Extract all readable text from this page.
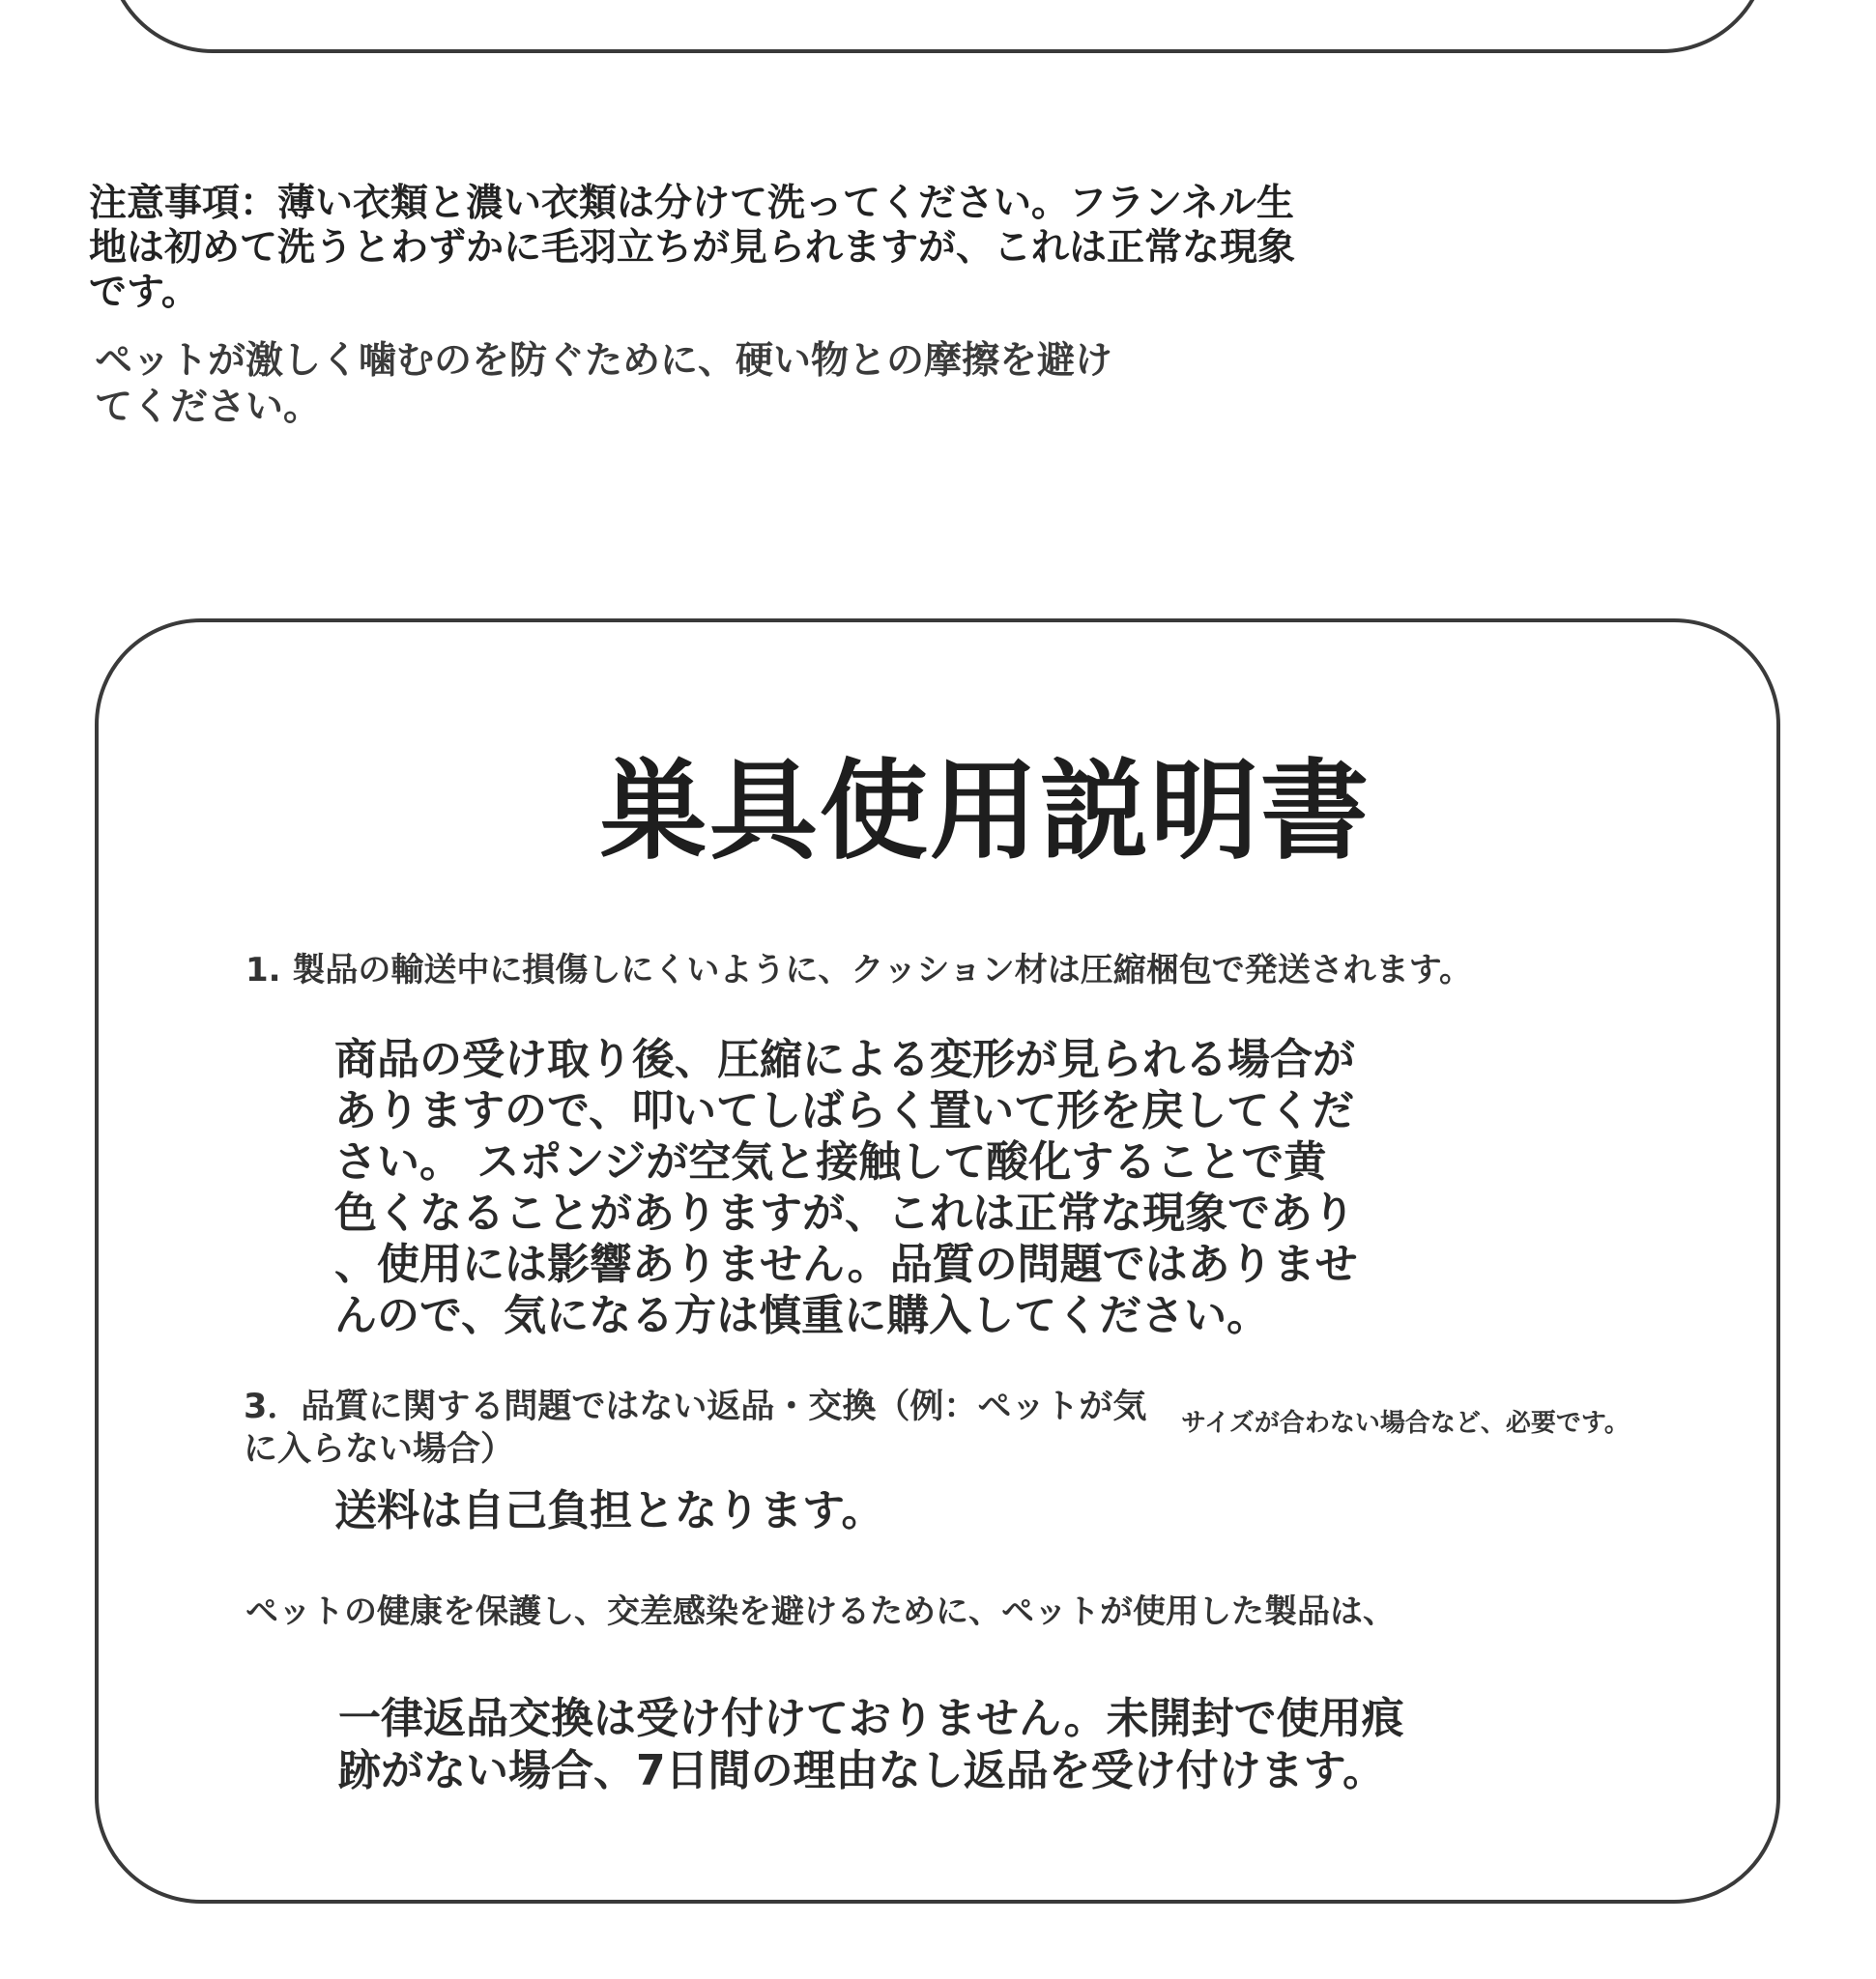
注意事項：薄い衣類と濃い衣類は分けて洗ってください。フランネル生
地は初めて洗うとわずかに毛羽立ちが見られますが、これは正常な現象
です。

ペットが激しく噛むのを防ぐために、硬い物との摩擦を避け
てください。

巣具使用説明書

1. 製品の輸送中に損傷しにくいように、クッション材は圧縮梱包で発送されます。

商品の受け取り後、圧縮による変形が見られる場合が
ありますので、叩いてしばらく置いて形を戻してくだ
さい。 スポンジが空気と接触して酸化することで黄
色くなることがありますが、これは正常な現象であり
、使用には影響ありません。品質の問題ではありませ
んので、気になる方は慎重に購入してください。

3．品質に関する問題ではない返品・交換（例：ペットが気
に入らない場合）

サイズが合わない場合など、必要です。

送料は自己負担となります。

ペットの健康を保護し、交差感染を避けるために、ペットが使用した製品は、

一律返品交換は受け付けておりません。未開封で使用痕
跡がない場合、7日間の理由なし返品を受け付けます。
